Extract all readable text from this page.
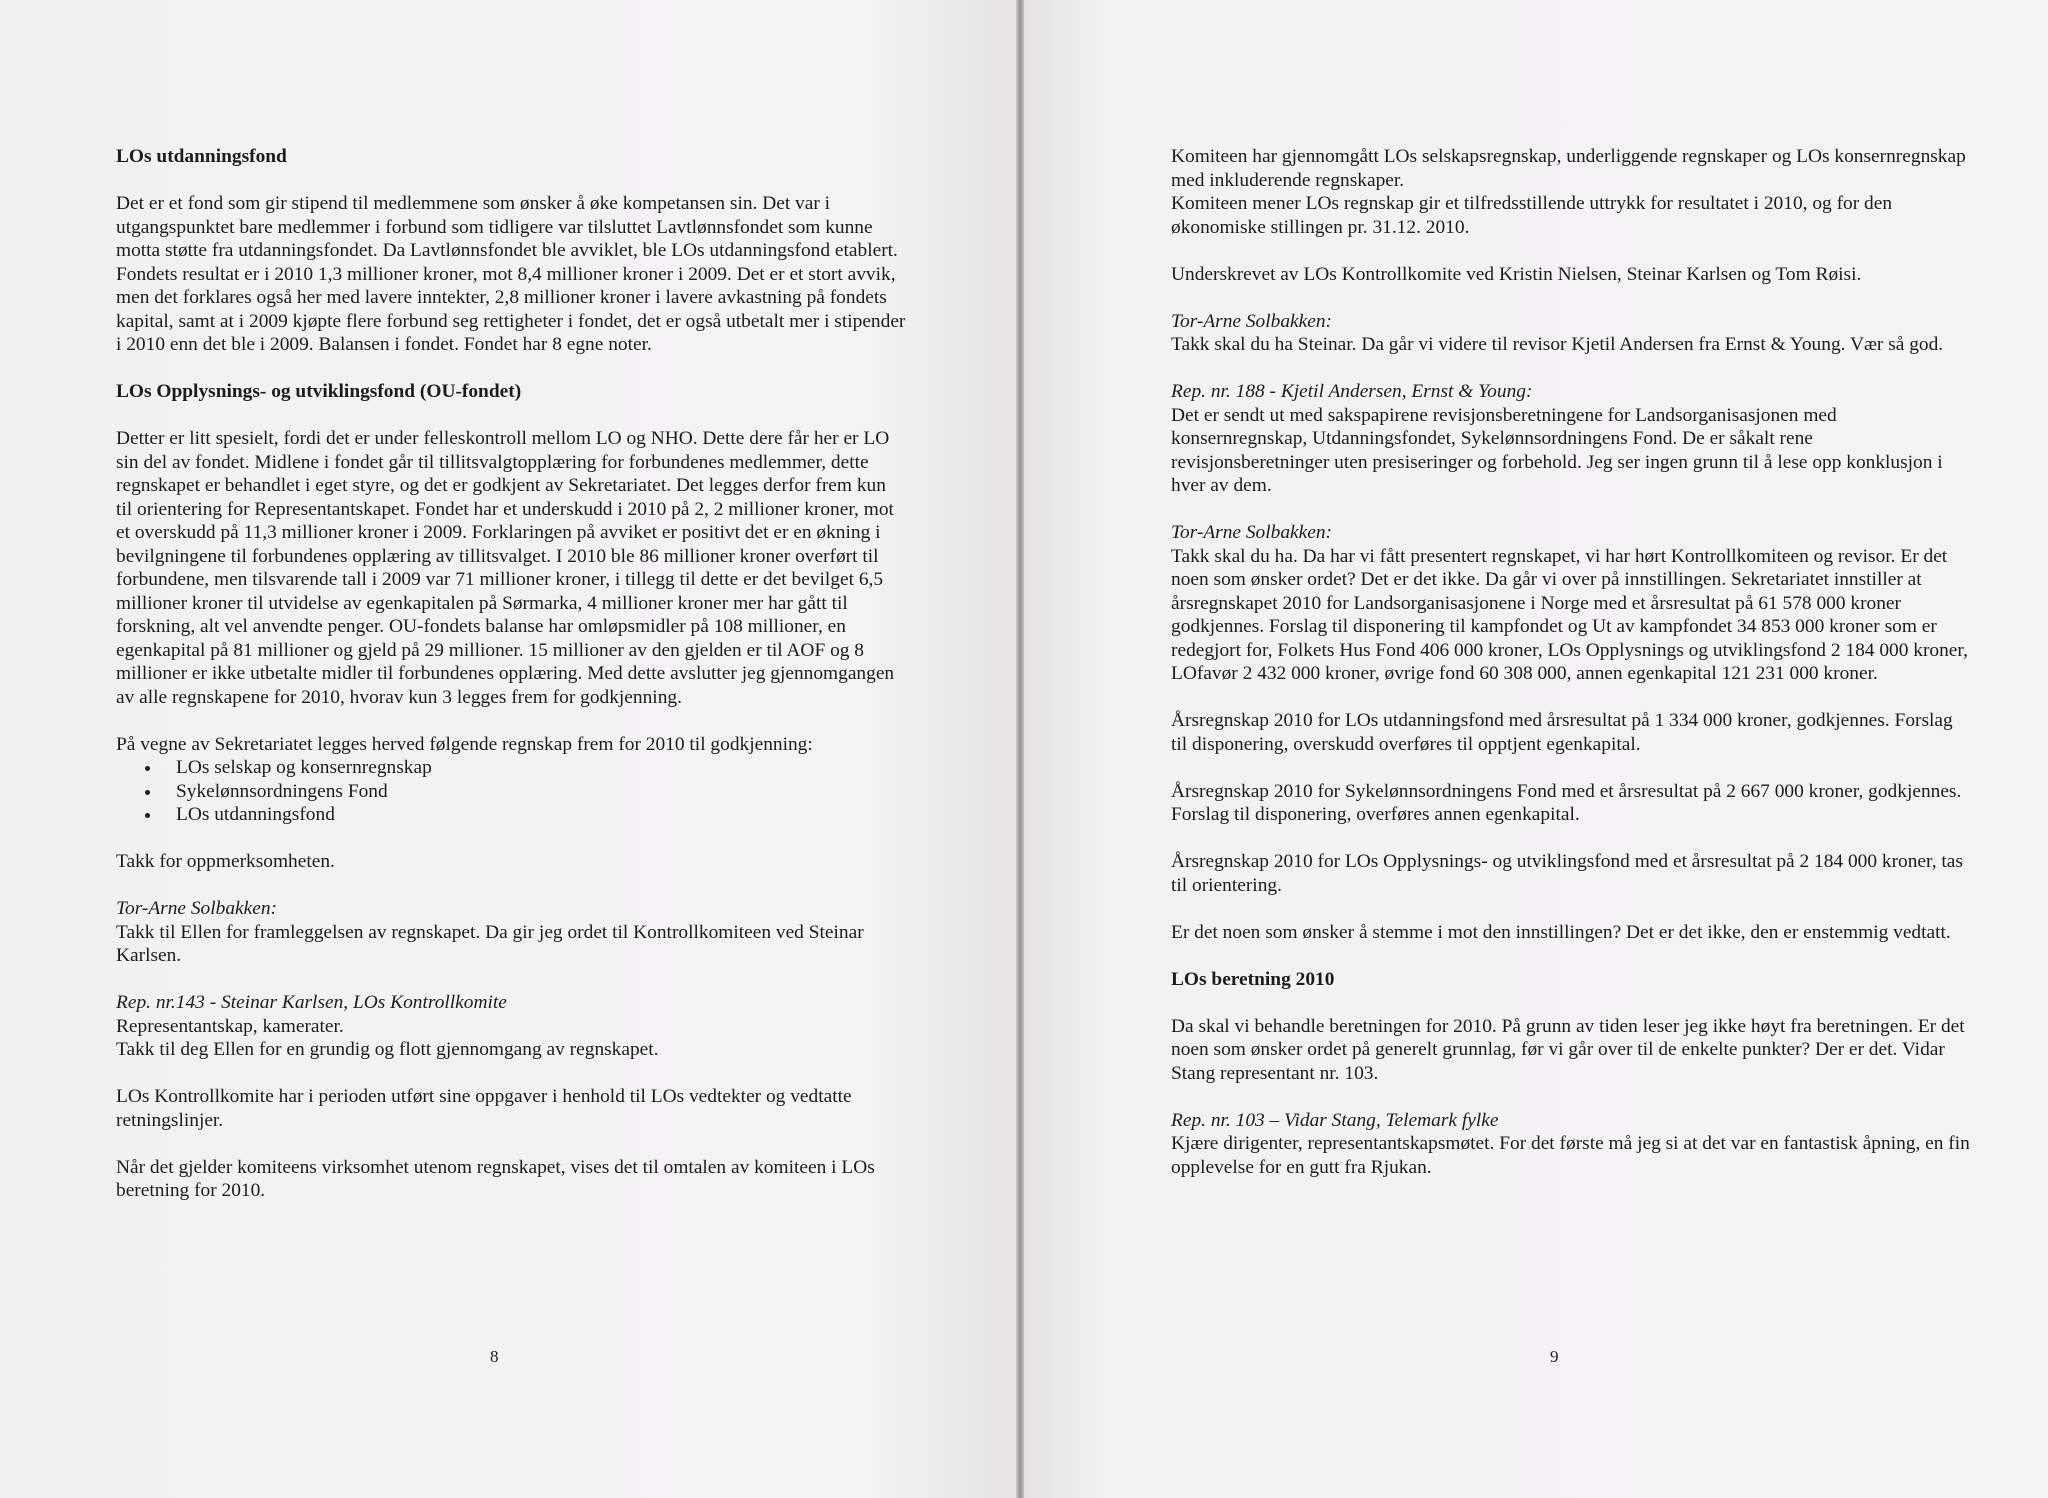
LOs utdanningsfond

Det er et fond som gir stipend til medlemmene som ønsker å øke kompetansen sin. Det var i utgangspunktet bare medlemmer i forbund som tidligere var tilsluttet Lavtlønnsfondet som kunne motta støtte fra utdanningsfondet. Da Lavtlønnsfondet ble avviklet, ble LOs utdanningsfond etablert. Fondets resultat er i 2010 1,3 millioner kroner, mot 8,4 millioner kroner i 2009. Det er et stort avvik, men det forklares også her med lavere inntekter, 2,8 millioner kroner i lavere avkastning på fondets kapital, samt at i 2009 kjøpte flere forbund seg rettigheter i fondet, det er også utbetalt mer i stipender i 2010 enn det ble i 2009. Balansen i fondet. Fondet har 8 egne noter.

LOs Opplysnings- og utviklingsfond (OU-fondet)

Detter er litt spesielt, fordi det er under felleskontroll mellom LO og NHO. Dette dere får her er LO sin del av fondet. Midlene i fondet går til tillitsvalgtopplæring for forbundenes medlemmer, dette regnskapet er behandlet i eget styre, og det er godkjent av Sekretariatet. Det legges derfor frem kun til orientering for Representantskapet. Fondet har et underskudd i 2010 på 2, 2 millioner kroner, mot et overskudd på 11,3 millioner kroner i 2009. Forklaringen på avviket er positivt det er en økning i bevilgningene til forbundenes opplæring av tillitsvalget. I 2010 ble 86 millioner kroner overført til forbundene, men tilsvarende tall i 2009 var 71 millioner kroner, i tillegg til dette er det bevilget 6,5 millioner kroner til utvidelse av egenkapitalen på Sørmarka, 4 millioner kroner mer har gått til forskning, alt vel anvendte penger. OU-fondets balanse har omløpsmidler på 108 millioner, en egenkapital på 81 millioner og gjeld på 29 millioner. 15 millioner av den gjelden er til AOF og 8 millioner er ikke utbetalte midler til forbundenes opplæring. Med dette avslutter jeg gjennomgangen av alle regnskapene for 2010, hvorav kun 3 legges frem for godkjenning.

På vegne av Sekretariatet legges herved følgende regnskap frem for 2010 til godkjenning:

• LOs selskap og konsernregnskap
• Sykelønnsordningens Fond
• LOs utdanningsfond

Takk for oppmerksomheten.

Tor-Arne Solbakken:
Takk til Ellen for framleggelsen av regnskapet. Da gir jeg ordet til Kontrollkomiteen ved Steinar Karlsen.

Rep. nr.143 - Steinar Karlsen, LOs Kontrollkomite
Representantskap, kamerater.
Takk til deg Ellen for en grundig og flott gjennomgang av regnskapet.

LOs Kontrollkomite har i perioden utført sine oppgaver i henhold til LOs vedtekter og vedtatte retningslinjer.

Når det gjelder komiteens virksomhet utenom regnskapet, vises det til omtalen av komiteen i LOs beretning for 2010.

8

Komiteen har gjennomgått LOs selskapsregnskap, underliggende regnskaper og LOs konsernregnskap med inkluderende regnskaper.

Komiteen mener LOs regnskap gir et tilfredsstillende uttrykk for resultatet i 2010, og for den økonomiske stillingen pr. 31.12. 2010.

Underskrevet av LOs Kontrollkomite ved Kristin Nielsen, Steinar Karlsen og Tom Røisi.

Tor-Arne Solbakken:
Takk skal du ha Steinar. Da går vi videre til revisor Kjetil Andersen fra Ernst & Young. Vær så god.

Rep. nr. 188 - Kjetil Andersen, Ernst & Young:
Det er sendt ut med sakspapirene revisjonsberetningene for Landsorganisasjonen med konsernregnskap, Utdanningsfondet, Sykelønnsordningens Fond. De er såkalt rene revisjonsberetninger uten presiseringer og forbehold. Jeg ser ingen grunn til å lese opp konklusjon i hver av dem.

Tor-Arne Solbakken:
Takk skal du ha. Da har vi fått presentert regnskapet, vi har hørt Kontrollkomiteen og revisor. Er det noen som ønsker ordet? Det er det ikke. Da går vi over på innstillingen. Sekretariatet innstiller at årsregnskapet 2010 for Landsorganisasjonene i Norge med et årsresultat på 61 578 000 kroner godkjennes. Forslag til disponering til kampfondet og Ut av kampfondet 34 853 000 kroner som er redegjort for, Folkets Hus Fond 406 000 kroner, LOs Opplysnings og utviklingsfond 2 184 000 kroner, LOfavør 2 432 000 kroner, øvrige fond 60 308 000, annen egenkapital 121 231 000 kroner.

Årsregnskap 2010 for LOs utdanningsfond med årsresultat på 1 334 000 kroner, godkjennes. Forslag til disponering, overskudd overføres til opptjent egenkapital.

Årsregnskap 2010 for Sykelønnsordningens Fond med et årsresultat på 2 667 000 kroner, godkjennes.

Forslag til disponering, overføres annen egenkapital.

Årsregnskap 2010 for LOs Opplysnings- og utviklingsfond med et årsresultat på 2 184 000 kroner, tas til orientering.

Er det noen som ønsker å stemme i mot den innstillingen? Det er det ikke, den er enstemmig vedtatt.

LOs beretning 2010

Da skal vi behandle beretningen for 2010. På grunn av tiden leser jeg ikke høyt fra beretningen. Er det noen som ønsker ordet på generelt grunnlag, før vi går over til de enkelte punkter? Der er det. Vidar Stang representant nr. 103.

Rep. nr. 103 – Vidar Stang, Telemark fylke
Kjære dirigenter, representantskapsmøtet. For det første må jeg si at det var en fantastisk åpning, en fin opplevelse for en gutt fra Rjukan.

9
